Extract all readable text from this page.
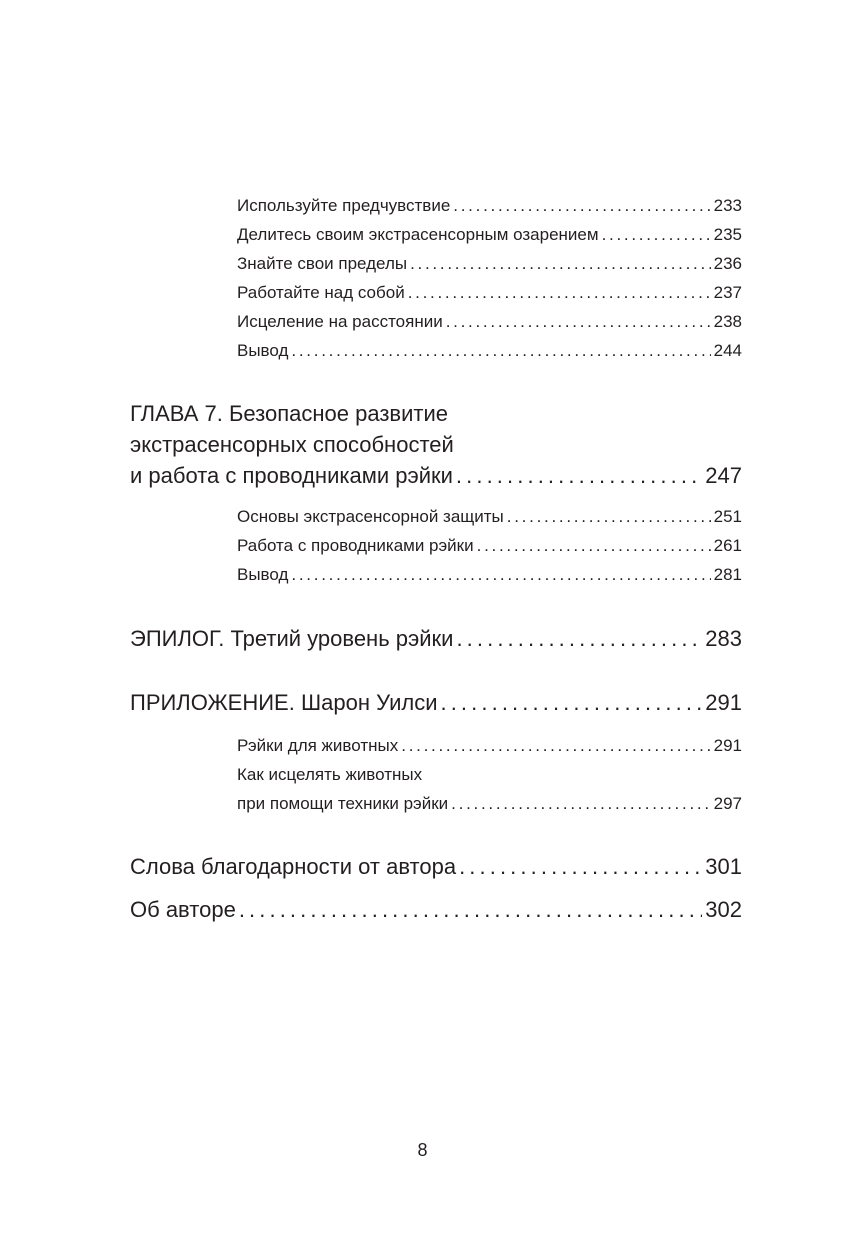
Используйте предчувствие . . .	233
Делитесь своим экстрасенсорным озарением . . .	235
Знайте свои пределы . . .	236
Работайте над собой . . .	237
Исцеление на расстоянии . . .	238
Вывод . . .	244
ГЛАВА 7. Безопасное развитие
экстрасенсорных способностей
и работа с проводниками рэйки . . .	247
Основы экстрасенсорной защиты . . .	251
Работа с проводниками рэйки . . .	261
Вывод . . .	281
ЭПИЛОГ. Третий уровень рэйки . . .	283
ПРИЛОЖЕНИЕ. Шарон Уилси . . .	291
Рэйки для животных . . .	291
Как исцелять животных
при помощи техники рэйки . . .	297
Слова благодарности от автора . . .	301
Об авторе . . .	302
8
